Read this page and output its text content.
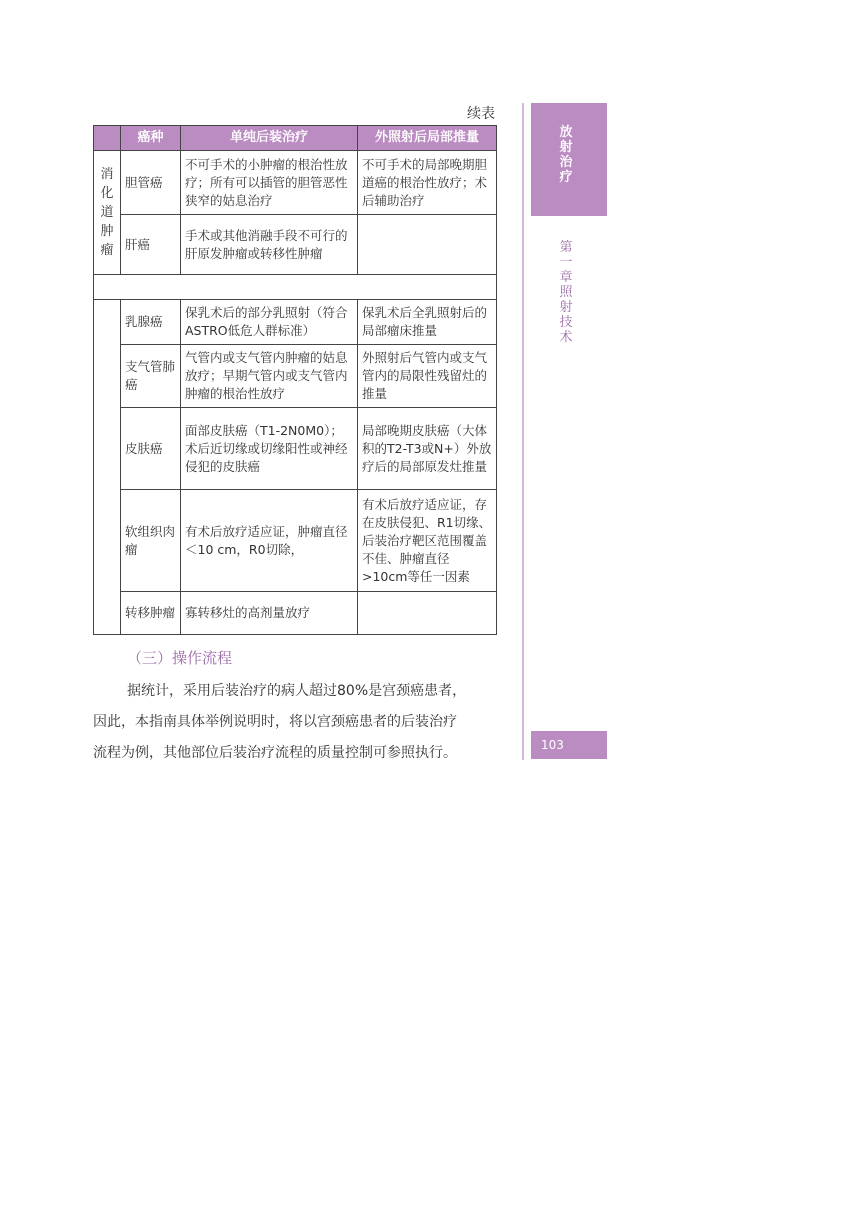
续表
	癌种	单纯后装治疗	外照射后局部推量

消化道肿瘤	胆管癌	不可手术的小肿瘤的根治性放疗；所有可以插管的胆管恶性狭窄的姑息治疗	不可手术的局部晚期胆道癌的根治性放疗；术后辅助治疗
	肝癌	手术或其他消融手段不可行的肝原发肿瘤或转移性肿瘤	

	乳腺癌	保乳术后的部分乳照射（符合ASTRO低危人群标准）	保乳术后全乳照射后的局部瘤床推量
	支气管肺癌	气管内或支气管内肿瘤的姑息放疗；早期气管内或支气管内肿瘤的根治性放疗	外照射后气管内或支气管内的局限性残留灶的推量
	皮肤癌	面部皮肤癌（T1-2N0M0）；术后近切缘或切缘阳性或神经侵犯的皮肤癌	局部晚期皮肤癌（大体积的T2-T3或N+）外放疗后的局部原发灶推量
	软组织肉瘤	有术后放疗适应证，肿瘤直径＜10 cm，R0切除，	有术后放疗适应证，存在皮肤侵犯、R1切缘、后装治疗靶区范围覆盖不佳、肿瘤直径>10cm等任一因素
	转移肿瘤	寡转移灶的高剂量放疗	
放
射
治
疗
第
一
章
照
射
技
术
103
（三）操作流程
据统计，采用后装治疗的病人超过80%是宫颈癌患者，
因此，本指南具体举例说明时，将以宫颈癌患者的后装治疗
流程为例，其他部位后装治疗流程的质量控制可参照执行。
